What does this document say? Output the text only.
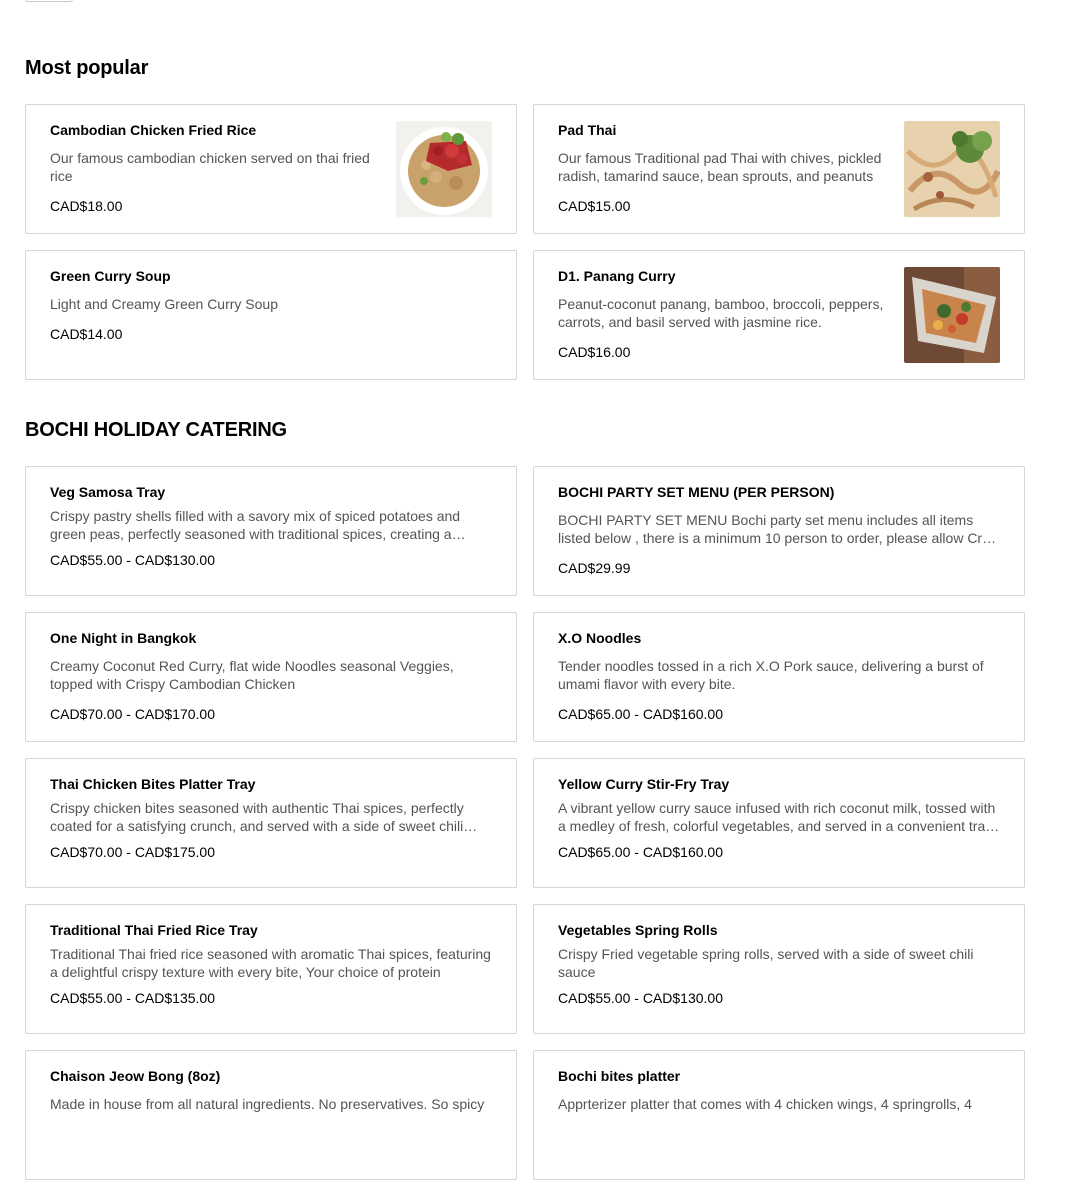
Most popular
Cambodian Chicken Fried Rice
Our famous cambodian chicken served on thai fried rice
CAD$18.00
Pad Thai
Our famous Traditional pad Thai with chives, pickled radish, tamarind sauce, bean sprouts, and peanuts
CAD$15.00
Green Curry Soup
Light and Creamy Green Curry Soup
CAD$14.00
D1. Panang Curry
Peanut-coconut panang, bamboo, broccoli, peppers, carrots, and basil served with jasmine rice.
CAD$16.00
BOCHI HOLIDAY CATERING
Veg Samosa Tray
Crispy pastry shells filled with a savory mix of spiced potatoes and green peas, perfectly seasoned with traditional spices, creating a
CAD$55.00 - CAD$130.00
BOCHI PARTY SET MENU (PER PERSON)
BOCHI PARTY SET MENU Bochi party set menu includes all items listed below , there is a minimum 10 person to order, please allow Crab
CAD$29.99
One Night in Bangkok
Creamy Coconut Red Curry, flat wide Noodles seasonal Veggies, topped with Crispy Cambodian Chicken
CAD$70.00 - CAD$170.00
X.O Noodles
Tender noodles tossed in a rich X.O Pork sauce, delivering a burst of umami flavor with every bite.
CAD$65.00 - CAD$160.00
Thai Chicken Bites Platter Tray
Crispy chicken bites seasoned with authentic Thai spices, perfectly coated for a satisfying crunch, and served with a side of sweet chili
CAD$70.00 - CAD$175.00
Yellow Curry Stir-Fry Tray
A vibrant yellow curry sauce infused with rich coconut milk, tossed with a medley of fresh, colorful vegetables, and served in a convenient tray
CAD$65.00 - CAD$160.00
Traditional Thai Fried Rice Tray
Traditional Thai fried rice seasoned with aromatic Thai spices, featuring a delightful crispy texture with every bite, Your choice of protein
CAD$55.00 - CAD$135.00
Vegetables Spring Rolls
Crispy Fried vegetable spring rolls, served with a side of sweet chili sauce
CAD$55.00 - CAD$130.00
Chaison Jeow Bong (8oz)
Made in house from all natural ingredients. No preservatives. So spicy
Bochi bites platter
Apprterizer platter that comes with 4 chicken wings, 4 springrolls, 4
